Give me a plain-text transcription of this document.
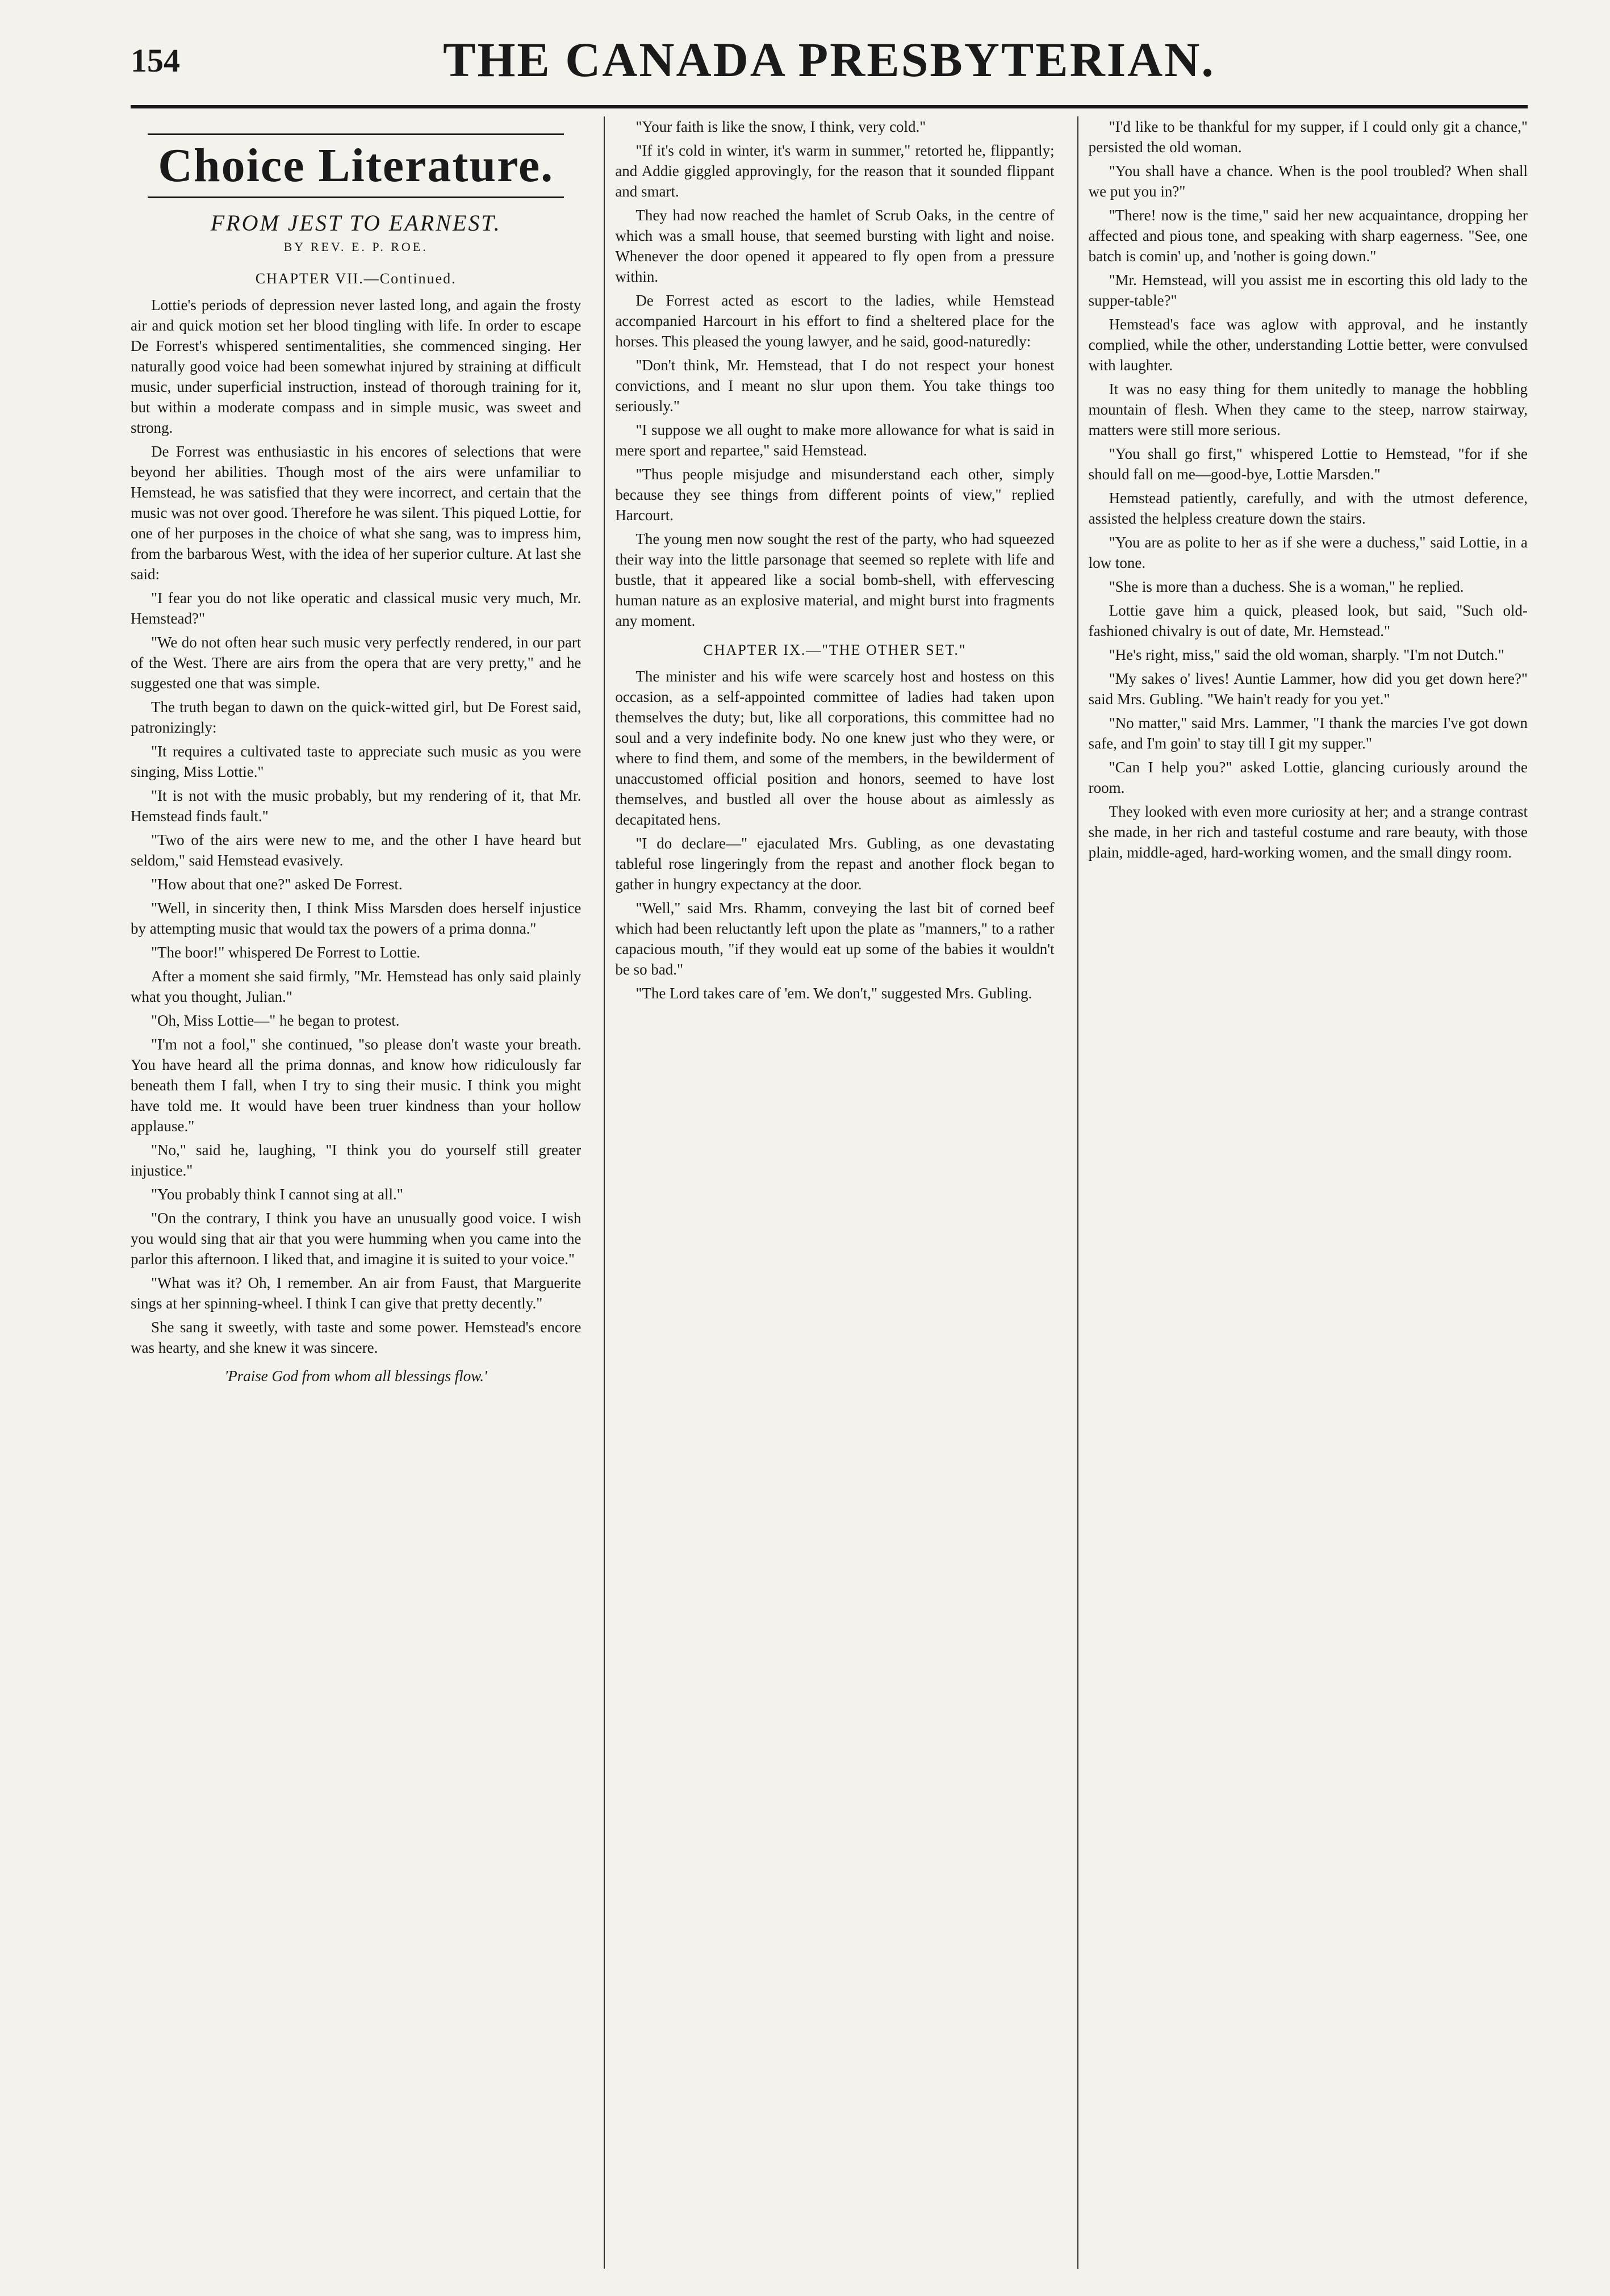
154	THE CANADA PRESBYTERIAN.
Choice Literature.
FROM JEST TO EARNEST.
BY REV. E. P. ROE.
CHAPTER VII.—Continued.

Lottie's periods of depression never lasted long, and again the frosty air and quick motion set her blood tingling with life. In order to escape De Forrest's whispered sentimentalities, she commenced singing. Her naturally good voice had been somewhat injured by straining at difficult music, under superficial instruction, instead of thorough training for it, but within a moderate compass and in simple music, was sweet and strong.

De Forrest was enthusiastic in his encores of selections that were beyond her abilities. Though most of the airs were unfamiliar to Hemstead, he was satisfied that they were incorrect, and certain that the music was not over good. Therefore he was silent. This piqued Lottie, for one of her purposes in the choice of what she sang, was to impress him, from the barbarous West, with the idea of her superior culture. At last she said:

"I fear you do not like operatic and classical music very much, Mr. Hemstead?"

"We do not often hear such music very perfectly rendered, in our part of the West. There are airs from the opera that are very pretty," and he suggested one that was simple.

The truth began to dawn on the quick-witted girl, but De Forest said, patronizingly:

"It requires a cultivated taste to appreciate such music as you were singing, Miss Lottie."

"It is not with the music probably, but my rendering of it, that Mr. Hemstead finds fault."

"Two of the airs were new to me, and the other I have heard but seldom," said Hemstead evasively.

"How about that one?" asked De Forrest.

"Well, in sincerity then, I think Miss Marsden does herself injustice by attempting music that would tax the powers of a prima donna."

"The boor!" whispered De Forrest to Lottie.

After a moment she said firmly, "Mr. Hemstead has only said plainly what you thought, Julian."

"Oh, Miss Lottie—" he began to protest.

"I'm not a fool," she continued, "so please don't waste your breath. You have heard all the prima donnas, and know how ridiculously far beneath them I fall, when I try to sing their music. I think you might have told me. It would have been truer kindness than your hollow applause."

"No," said he, laughing, "I think you do yourself still greater injustice."

"You probably think I cannot sing at all."

"On the contrary, I think you have an unusually good voice. I wish you would sing that air that you were humming when you came into the parlor this afternoon. I liked that, and imagine it is suited to your voice."

"What was it? Oh, I remember. An air from Faust, that Marguerite sings at her spinning-wheel. I think I can give that pretty decently."

She sang it sweetly, with taste and some power. Hemstead's encore was hearty, and she knew it was sincere.

'Praise God from whom all blessings flow.'

"Your faith is like the snow, I think, very cold."

"If it's cold in winter, it's warm in summer," retorted he, flippantly; and Addie giggled approvingly, for the reason that it sounded flippant and smart.

They had now reached the hamlet of Scrub Oaks, in the centre of which was a small house, that seemed bursting with light and noise. Whenever the door opened it appeared to fly open from a pressure within.

De Forrest acted as escort to the ladies, while Hemstead accompanied Harcourt in his effort to find a sheltered place for the horses. This pleased the young lawyer, and he said, good-naturedly:

"Don't think, Mr. Hemstead, that I do not respect your honest convictions, and I meant no slur upon them. You take things too seriously."

"I suppose we all ought to make more allowance for what is said in mere sport and repartee," said Hemstead.

"Thus people misjudge and misunderstand each other, simply because they see things from different points of view," replied Harcourt.

The young men now sought the rest of the party, who had squeezed their way into the little parsonage that seemed so replete with life and bustle, that it appeared like a social bomb-shell, with effervescing human nature as an explosive material, and might burst into fragments any moment.

CHAPTER IX.—"THE OTHER SET."

The minister and his wife were scarcely host and hostess on this occasion, as a self-appointed committee of ladies had taken upon themselves the duty; but, like all corporations, this committee had no soul and a very indefinite body. No one knew just who they were, or where to find them, and some of the members, in the bewilderment of unaccustomed official position and honors, seemed to have lost themselves, and bustled all over the house about as aimlessly as decapitated hens.

"I do declare—" ejaculated Mrs. Gubling, as one devastating tableful rose lingeringly from the repast and another flock began to gather in hungry expectancy at the door.

"Well," said Mrs. Rhamm, conveying the last bit of corned beef which had been reluctantly left upon the plate as "manners," to a rather capacious mouth, "if they would eat up some of the babies it wouldn't be so bad."

"The Lord takes care of 'em. We don't," suggested Mrs. Gubling.

"I'd like to be thankful for my supper, if I could only git a chance," persisted the old woman.

"You shall have a chance. When is the pool troubled? When shall we put you in?"

"There! now is the time," said her new acquaintance, dropping her affected and pious tone, and speaking with sharp eagerness. "See, one batch is comin' up, and 'nother is going down."

"Mr. Hemstead, will you assist me in escorting this old lady to the supper-table?"

Hemstead's face was aglow with approval, and he instantly complied, while the other, understanding Lottie better, were convulsed with laughter.

It was no easy thing for them unitedly to manage the hobbling mountain of flesh. When they came to the steep, narrow stairway, matters were still more serious.

"You shall go first," whispered Lottie to Hemstead, "for if she should fall on me—good-bye, Lottie Marsden."

Hemstead patiently, carefully, and with the utmost deference, assisted the helpless creature down the stairs.

"You are as polite to her as if she were a duchess," said Lottie, in a low tone.

"She is more than a duchess. She is a woman," he replied.

Lottie gave him a quick, pleased look, but said, "Such old-fashioned chivalry is out of date, Mr. Hemstead."

"He's right, miss," said the old woman, sharply. "I'm not Dutch."

"My sakes o' lives! Auntie Lammer, how did you get down here?" said Mrs. Gubling. "We hain't ready for you yet."

"No matter," said Mrs. Lammer, "I thank the marcies I've got down safe, and I'm goin' to stay till I git my supper."

"Can I help you?" asked Lottie, glancing curiously around the room.

They looked with even more curiosity at her; and a strange contrast she made, in her rich and tasteful costume and rare beauty, with those plain, middle-aged, hard-working women, and the small dingy room.
